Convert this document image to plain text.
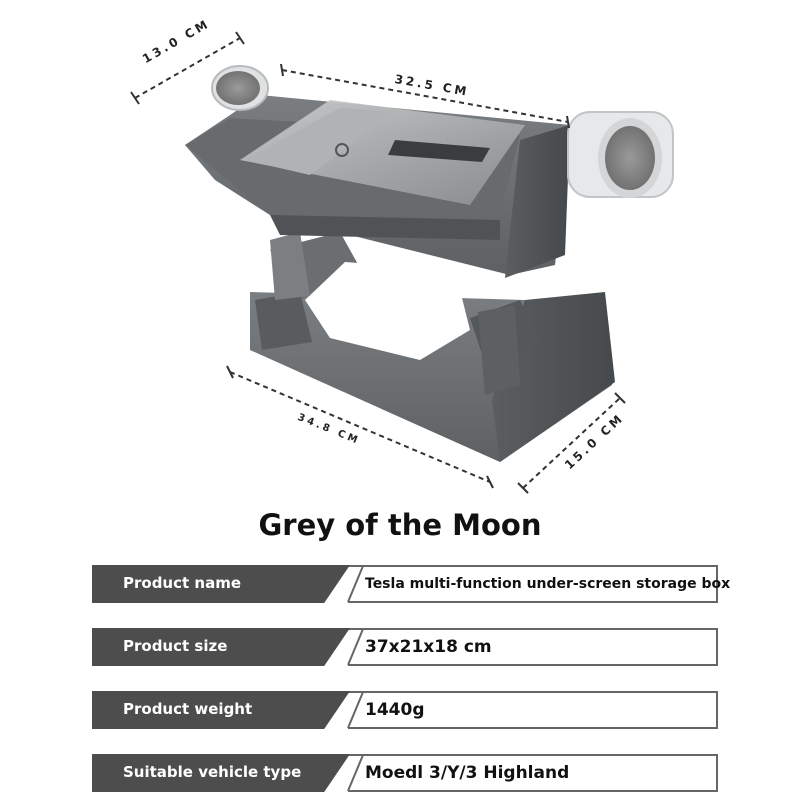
13.0 CM
32.5 CM
34.8 CM	15.0 CM
Grey of the Moon
Product name	Tesla multi-function under-screen storage box
Product size	37x21x18 cm
Product weight	1440g
Suitable vehicle type	Moedl 3/Y/3 Highland
